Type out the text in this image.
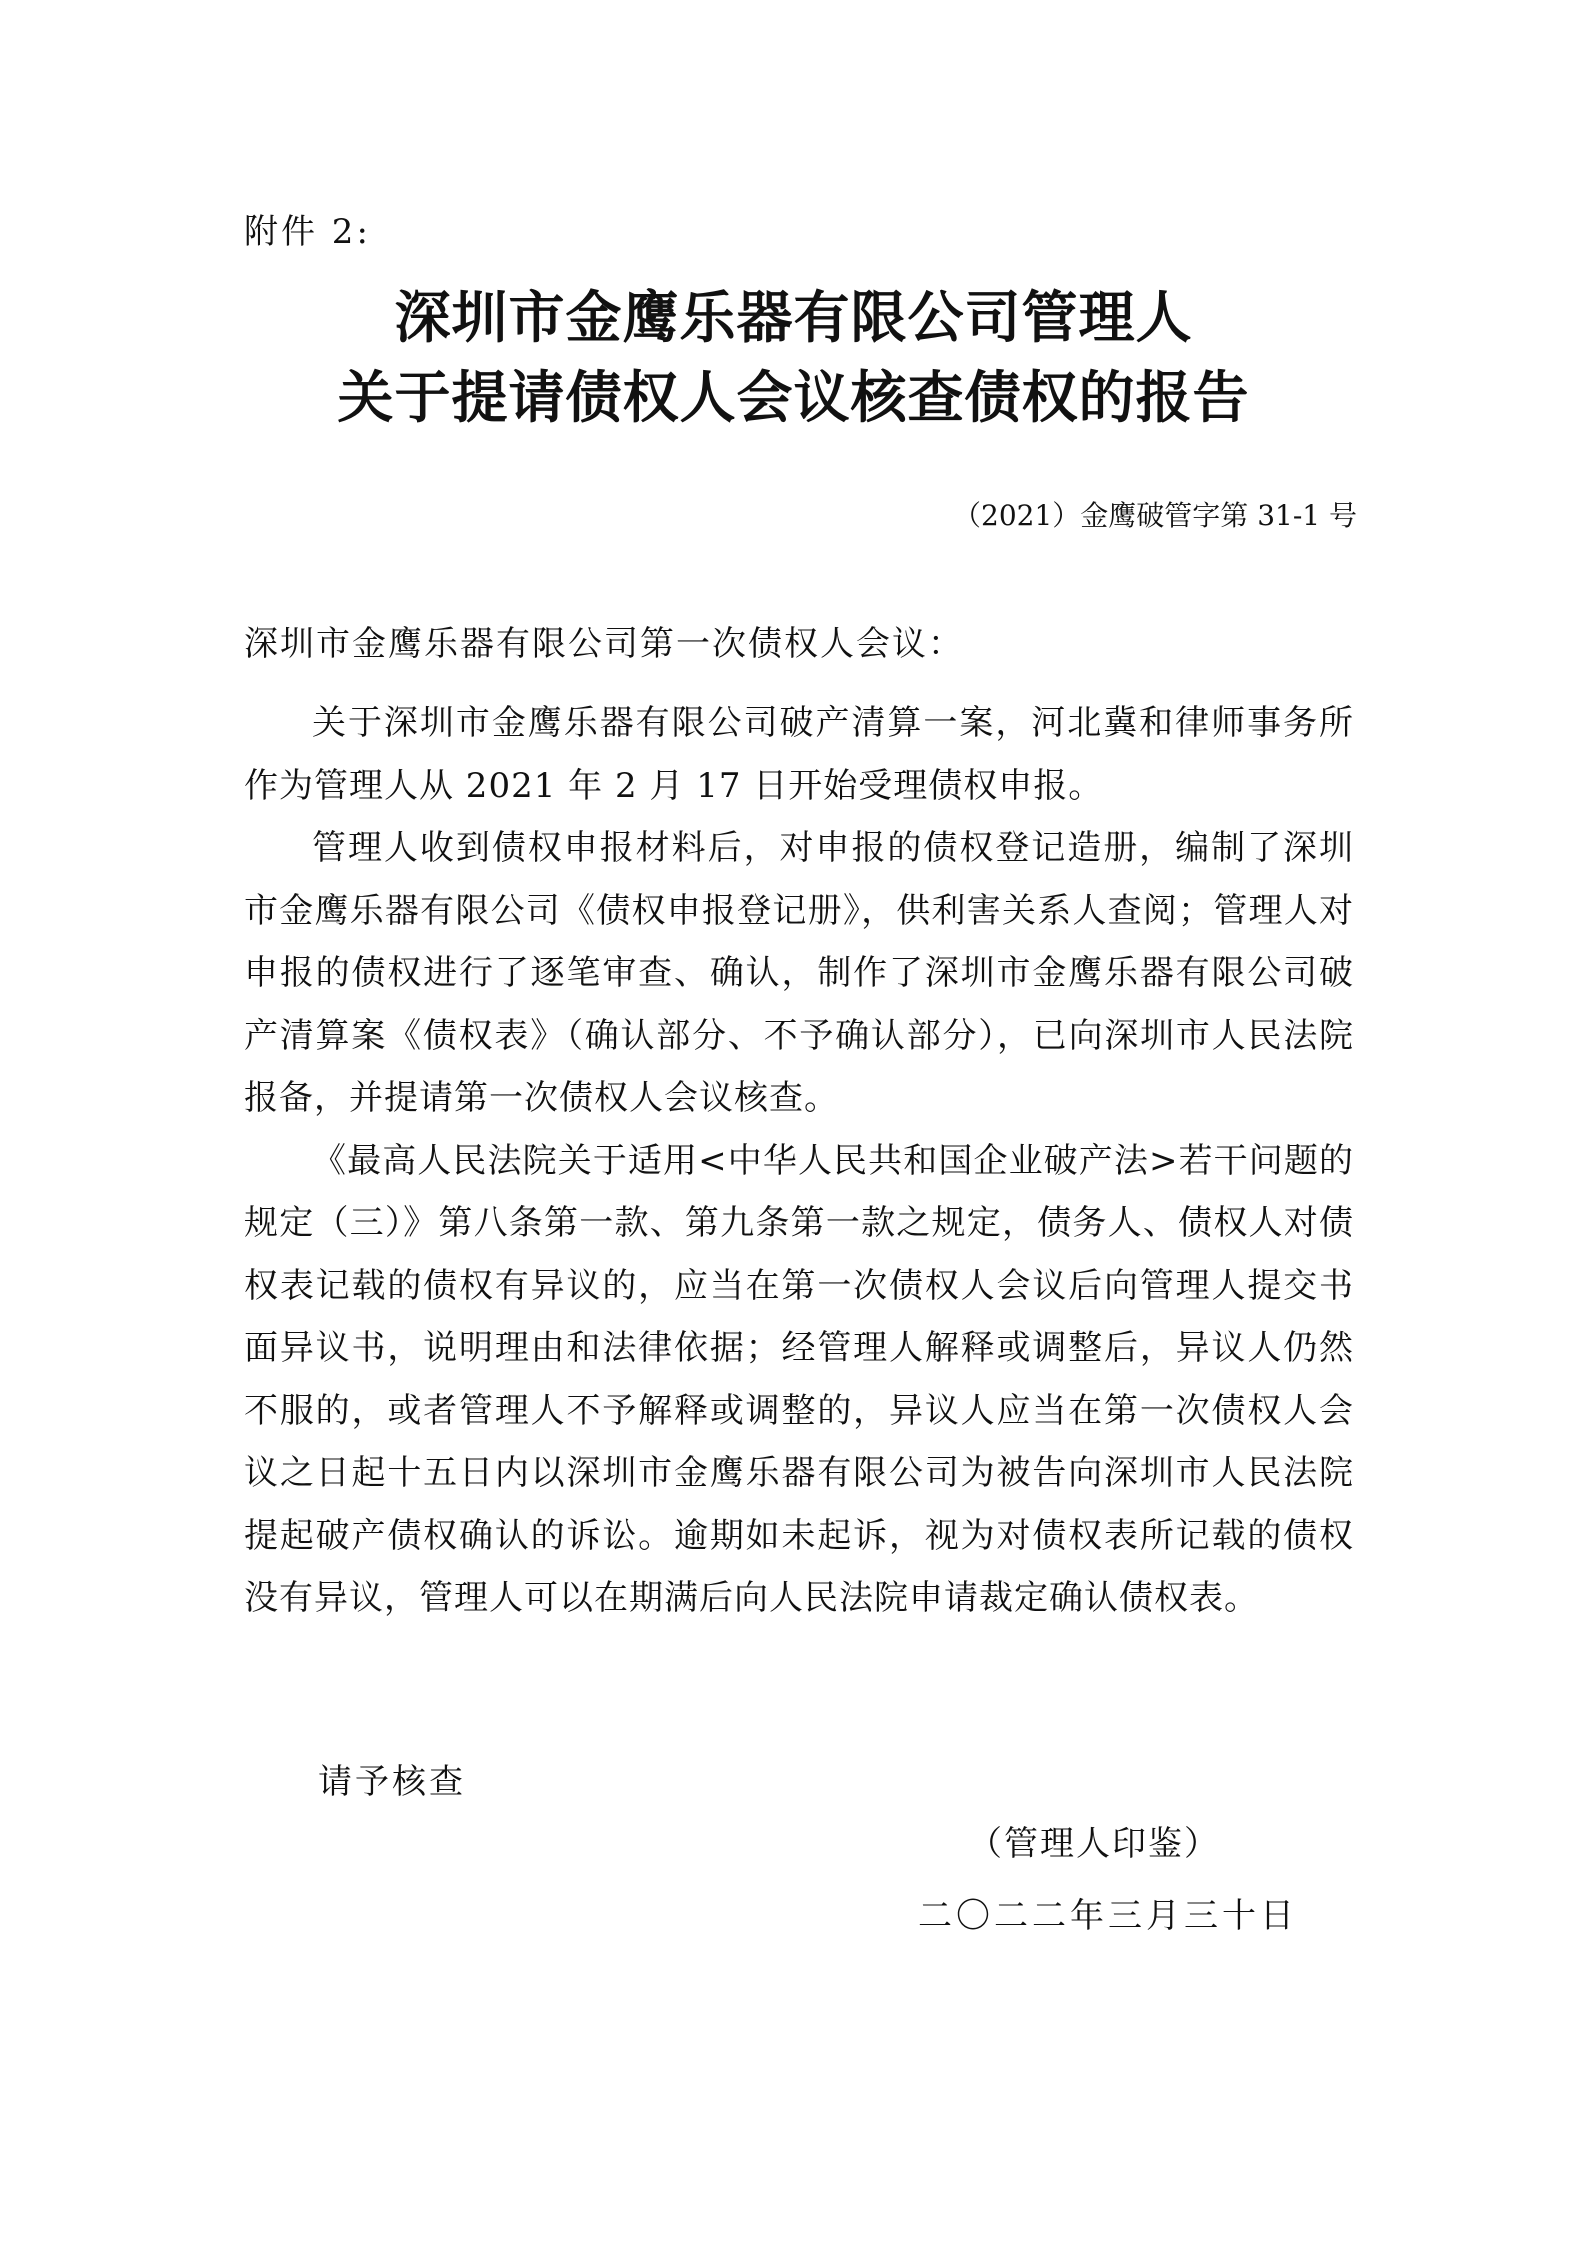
附件 2:
深圳市金鹰乐器有限公司管理人
关于提请债权人会议核查债权的报告
（2021）金鹰破管字第 31-1 号
深圳市金鹰乐器有限公司第一次债权人会议：

关于深圳市金鹰乐器有限公司破产清算一案，河北冀和律师事务所作为管理人从 2021 年 2 月 17 日开始受理债权申报。

管理人收到债权申报材料后，对申报的债权登记造册，编制了深圳市金鹰乐器有限公司《债权申报登记册》，供利害关系人查阅；管理人对申报的债权进行了逐笔审查、确认，制作了深圳市金鹰乐器有限公司破产清算案《债权表》（确认部分、不予确认部分），已向深圳市人民法院报备，并提请第一次债权人会议核查。

《最高人民法院关于适用<中华人民共和国企业破产法>若干问题的规定（三）》第八条第一款、第九条第一款之规定，债务人、债权人对债权表记载的债权有异议的，应当在第一次债权人会议后向管理人提交书面异议书，说明理由和法律依据；经管理人解释或调整后，异议人仍然不服的，或者管理人不予解释或调整的，异议人应当在第一次债权人会议之日起十五日内以深圳市金鹰乐器有限公司为被告向深圳市人民法院提起破产债权确认的诉讼。逾期如未起诉，视为对债权表所记载的债权没有异议，管理人可以在期满后向人民法院申请裁定确认债权表。

请予核查
（管理人印鉴）
二〇二二年三月三十日
